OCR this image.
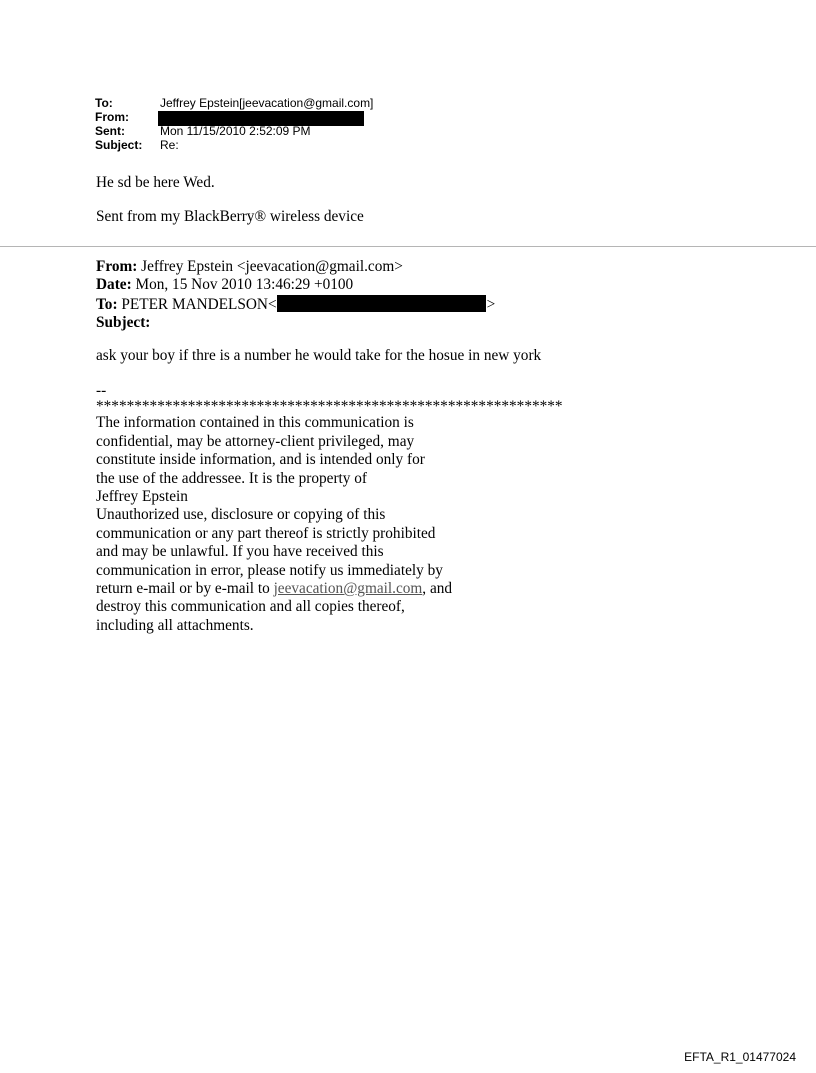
To:	Jeffrey Epstein[jeevacation@gmail.com]
From:
Sent:	Mon 11/15/2010 2:52:09 PM
Subject: Re:
He sd be here Wed.
Sent from my BlackBerry® wireless device
From: Jeffrey Epstein <jeevacation@gmail.com>
Date: Mon, 15 Nov 2010 13:46:29 +0100
To: PETER MANDELSON<	>
Subject:
ask your boy if thre is a number he would take for the hosue in new york
--
*************************************************************
The information contained in this communication is
confidential, may be attorney-client privileged, may
constitute inside information, and is intended only for
the use of the addressee. It is the property of
Jeffrey Epstein
Unauthorized use, disclosure or copying of this
communication or any part thereof is strictly prohibited
and may be unlawful. If you have received this
communication in error, please notify us immediately by
return e-mail or by e-mail to jeevacation@gmail.com, and
destroy this communication and all copies thereof,
including all attachments.
EFTA_R1_01477024
